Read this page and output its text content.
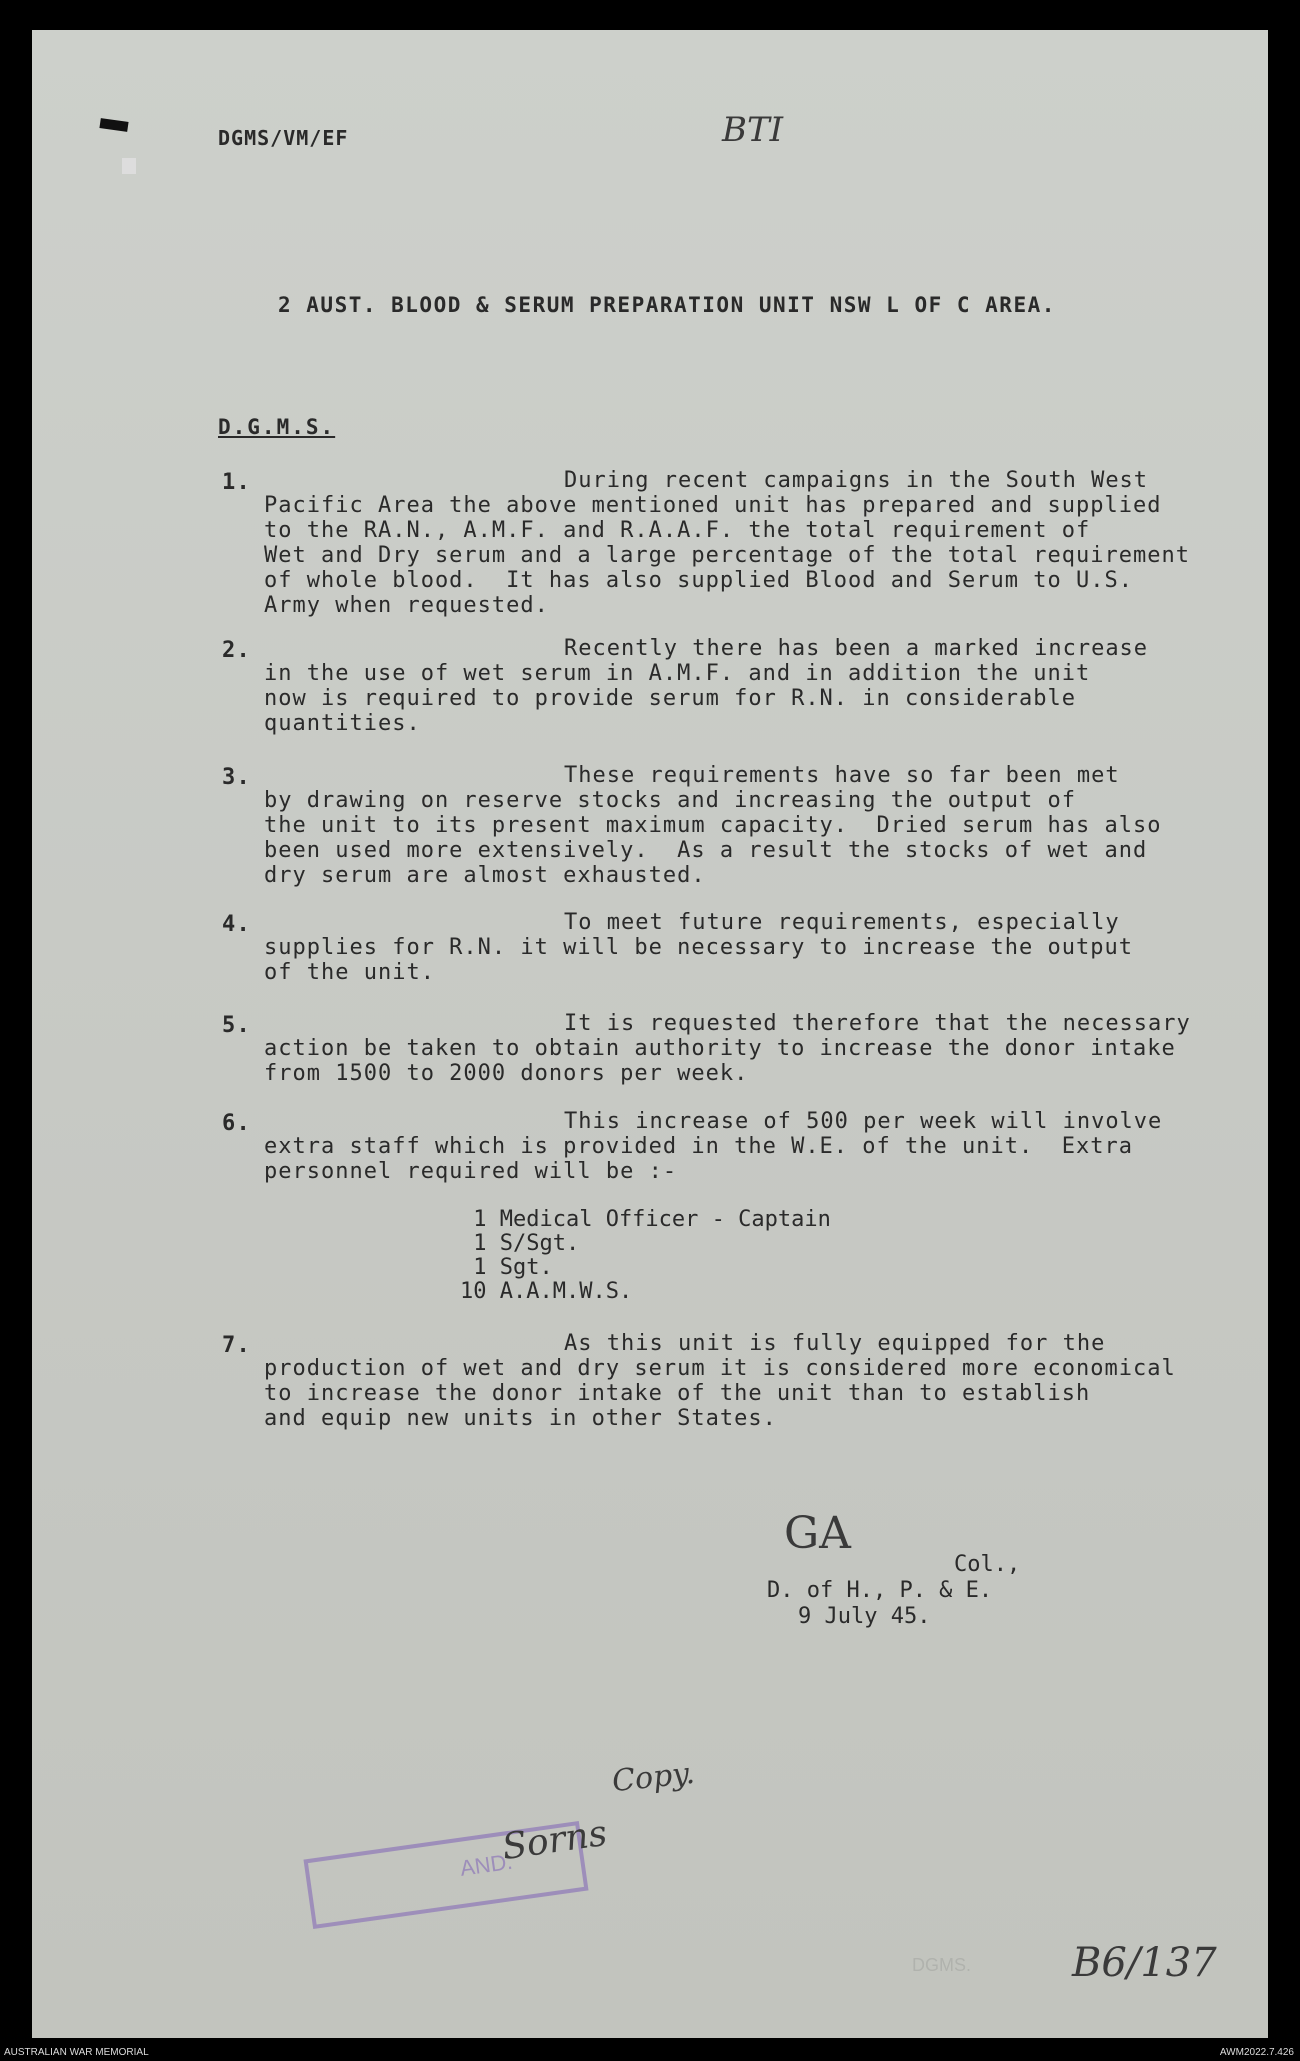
DGMS/VM/EF	BTI
2 AUST. BLOOD & SERUM PREPARATION UNIT NSW L OF C AREA.
D.G.M.S.
1.	During recent campaigns in the South West
Pacific Area the above mentioned unit has prepared and supplied
to the RA.N., A.M.F. and R.A.A.F. the total requirement of
Wet and Dry serum and a large percentage of the total requirement
of whole blood.  It has also supplied Blood and Serum to U.S.
Army when requested.
2.	Recently there has been a marked increase
in the use of wet serum in A.M.F. and in addition the unit
now is required to provide serum for R.N. in considerable
quantities.
3.	These requirements have so far been met
by drawing on reserve stocks and increasing the output of
the unit to its present maximum capacity.  Dried serum has also
been used more extensively.  As a result the stocks of wet and
dry serum are almost exhausted.
4.	To meet future requirements, especially
supplies for R.N. it will be necessary to increase the output
of the unit.
5.	It is requested therefore that the necessary
action be taken to obtain authority to increase the donor intake
from 1500 to 2000 donors per week.
6.	This increase of 500 per week will involve
extra staff which is provided in the W.E. of the unit.  Extra
personnel required will be :-
7.	As this unit is fully equipped for the
production of wet and dry serum it is considered more economical
to increase the donor intake of the unit than to establish
and equip new units in other States.
1 Medical Officer - Captain
1 S/Sgt.
1 Sgt.
10 A.A.M.W.S.
GA
Col.,
D. of H., P. & E.
9 July 45.
Copy.
AND.
Sorns
DGMS.	B6/137
AUSTRALIAN WAR MEMORIAL	AWM2022.7.426
